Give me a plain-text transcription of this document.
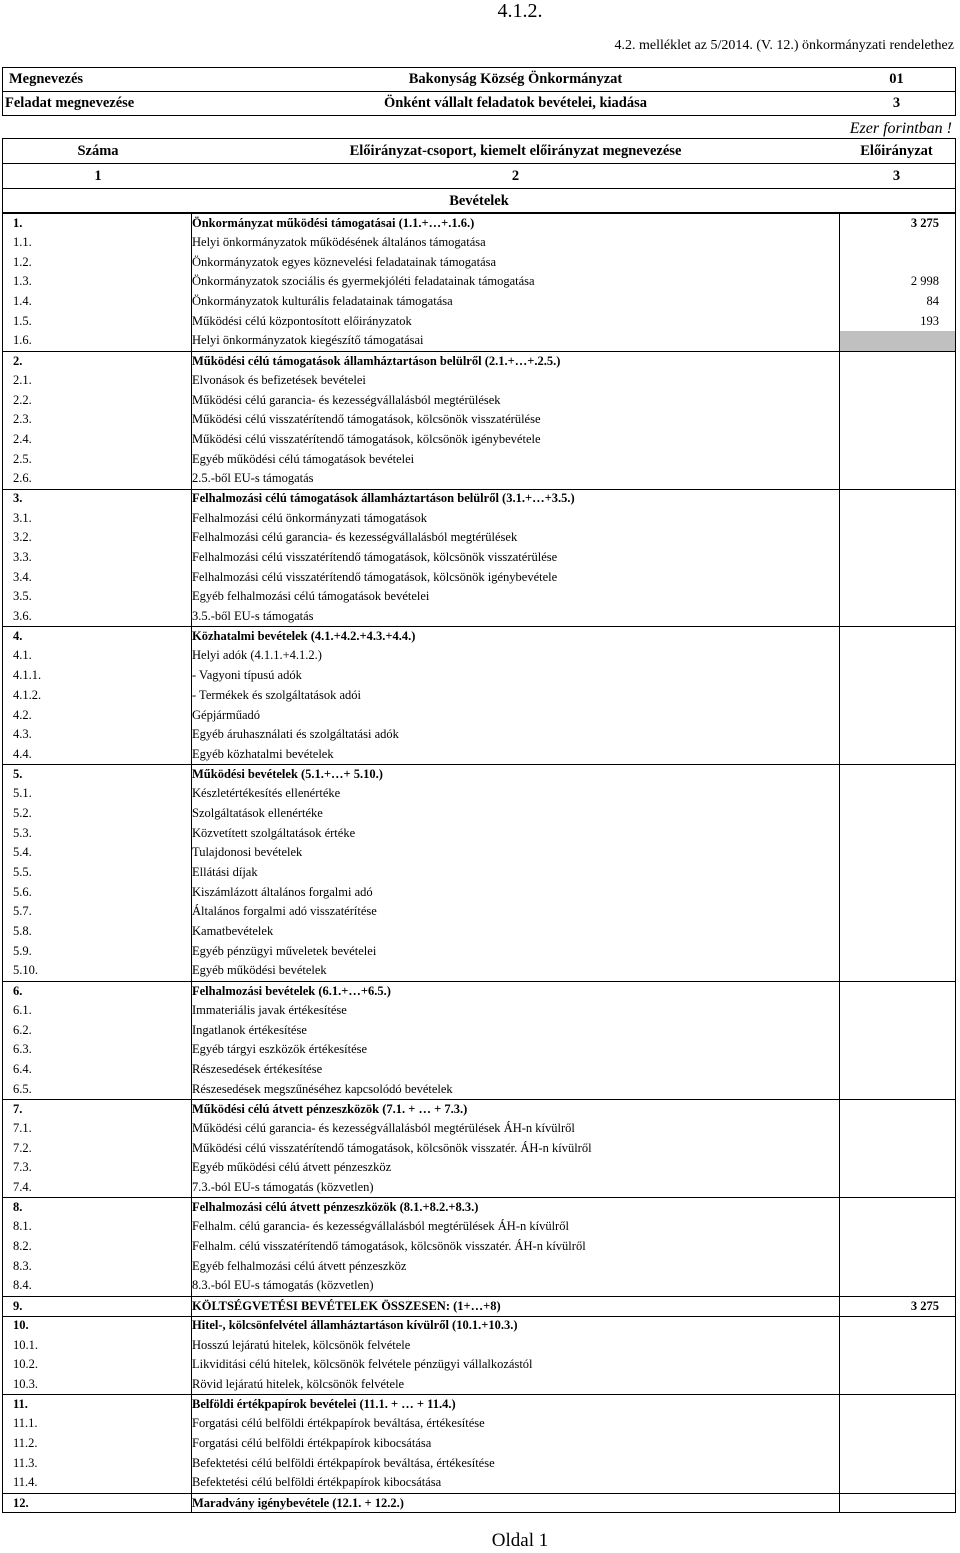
4.1.2.
4.2. melléklet az 5/2014. (V. 12.) önkormányzati rendelethez
Megnevezés	Bakonyság Község Önkormányzat	01
Feladat megnevezése	Önként vállalt feladatok bevételei, kiadása	3
Ezer forintban !
Száma	Előirányzat-csoport, kiemelt előirányzat megnevezése	Előirányzat
1	2	3
Bevételek
1.	Önkormányzat működési támogatásai (1.1.+…+.1.6.)	3 275
1.1.	Helyi önkormányzatok működésének általános támogatása
1.2.	Önkormányzatok egyes köznevelési feladatainak támogatása
1.3.	Önkormányzatok szociális és gyermekjóléti feladatainak támogatása	2 998
1.4.	Önkormányzatok kulturális feladatainak támogatása	84
1.5.	Működési célú központosított előirányzatok	193
1.6.	Helyi önkormányzatok kiegészítő támogatásai
2.	Működési célú támogatások államháztartáson belülről (2.1.+…+.2.5.)
2.1.	Elvonások és befizetések bevételei
2.2.	Működési célú garancia- és kezességvállalásból megtérülések
2.3.	Működési célú visszatérítendő támogatások, kölcsönök visszatérülése
2.4.	Működési célú visszatérítendő támogatások, kölcsönök igénybevétele
2.5.	Egyéb működési célú támogatások bevételei
2.6.	2.5.-ből EU-s támogatás
3.	Felhalmozási célú támogatások államháztartáson belülről (3.1.+…+3.5.)
3.1.	Felhalmozási célú önkormányzati támogatások
3.2.	Felhalmozási célú garancia- és kezességvállalásból megtérülések
3.3.	Felhalmozási célú visszatérítendő támogatások, kölcsönök visszatérülése
3.4.	Felhalmozási célú visszatérítendő támogatások, kölcsönök igénybevétele
3.5.	Egyéb felhalmozási célú támogatások bevételei
3.6.	3.5.-ből EU-s támogatás
4.	Közhatalmi bevételek (4.1.+4.2.+4.3.+4.4.)
4.1.	Helyi adók (4.1.1.+4.1.2.)
4.1.1.	- Vagyoni típusú adók
4.1.2.	- Termékek és szolgáltatások adói
4.2.	Gépjárműadó
4.3.	Egyéb áruhasználati és szolgáltatási adók
4.4.	Egyéb közhatalmi bevételek
5.	Működési bevételek (5.1.+…+ 5.10.)
5.1.	Készletértékesítés ellenértéke
5.2.	Szolgáltatások ellenértéke
5.3.	Közvetített szolgáltatások értéke
5.4.	Tulajdonosi bevételek
5.5.	Ellátási díjak
5.6.	Kiszámlázott általános forgalmi adó
5.7.	Általános forgalmi adó visszatérítése
5.8.	Kamatbevételek
5.9.	Egyéb pénzügyi műveletek bevételei
5.10.	Egyéb működési bevételek
6.	Felhalmozási bevételek (6.1.+…+6.5.)
6.1.	Immateriális javak értékesítése
6.2.	Ingatlanok értékesítése
6.3.	Egyéb tárgyi eszközök értékesítése
6.4.	Részesedések értékesítése
6.5.	Részesedések megszűnéséhez kapcsolódó bevételek
7.	Működési célú átvett pénzeszközök (7.1. + … + 7.3.)
7.1.	Működési célú garancia- és kezességvállalásból megtérülések ÁH-n kívülről
7.2.	Működési célú visszatérítendő támogatások, kölcsönök visszatér. ÁH-n kívülről
7.3.	Egyéb működési célú átvett pénzeszköz
7.4.	7.3.-ból EU-s támogatás (közvetlen)
8.	Felhalmozási célú átvett pénzeszközök (8.1.+8.2.+8.3.)
8.1.	Felhalm. célú garancia- és kezességvállalásból megtérülések ÁH-n kívülről
8.2.	Felhalm. célú visszatérítendő támogatások, kölcsönök visszatér. ÁH-n kívülről
8.3.	Egyéb felhalmozási célú átvett pénzeszköz
8.4.	8.3.-ból EU-s támogatás (közvetlen)
9.	KÖLTSÉGVETÉSI BEVÉTELEK ÖSSZESEN: (1+…+8)	3 275
10.	Hitel-, kölcsönfelvétel államháztartáson kívülről (10.1.+10.3.)
10.1.	Hosszú lejáratú hitelek, kölcsönök felvétele
10.2.	Likviditási célú hitelek, kölcsönök felvétele pénzügyi vállalkozástól
10.3.	Rövid lejáratú hitelek, kölcsönök felvétele
11.	Belföldi értékpapírok bevételei (11.1. + … + 11.4.)
11.1.	Forgatási célú belföldi értékpapírok beváltása, értékesítése
11.2.	Forgatási célú belföldi értékpapírok kibocsátása
11.3.	Befektetési célú belföldi értékpapírok beváltása, értékesítése
11.4.	Befektetési célú belföldi értékpapírok kibocsátása
12.	Maradvány igénybevétele (12.1. + 12.2.)
Oldal 1
